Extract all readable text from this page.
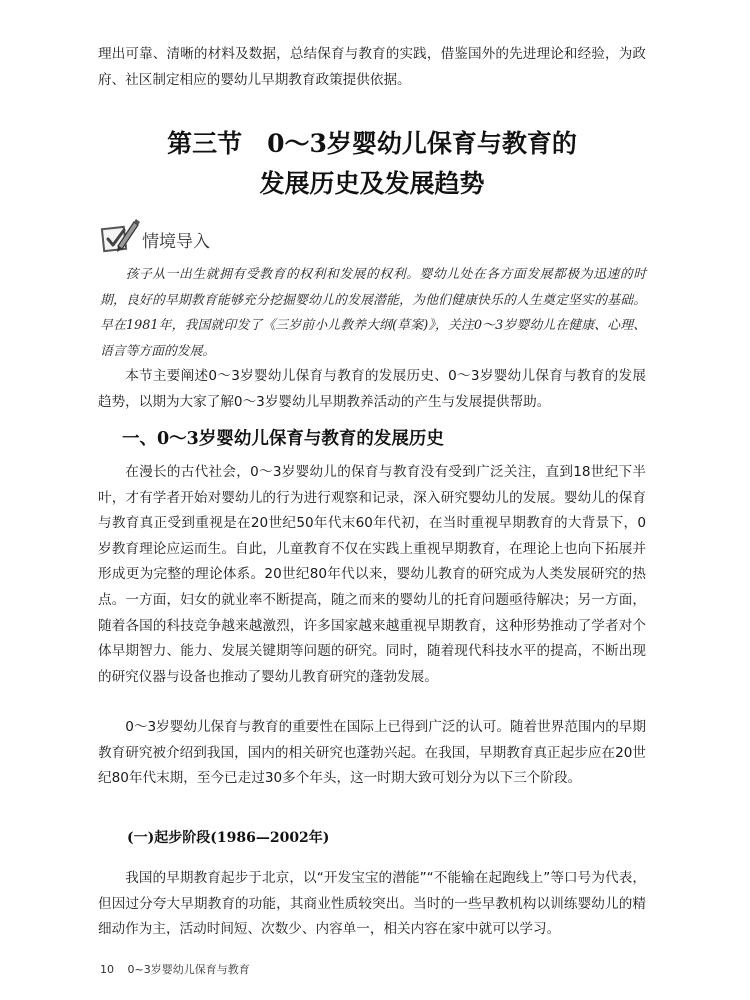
理出可靠、清晰的材料及数据，总结保育与教育的实践，借鉴国外的先进理论和经验，为政府、社区制定相应的婴幼儿早期教育政策提供依据。

第三节　0～3岁婴幼儿保育与教育的
发展历史及发展趋势
情境导入

孩子从一出生就拥有受教育的权利和发展的权利。婴幼儿处在各方面发展都极为迅速的时期，良好的早期教育能够充分挖掘婴幼儿的发展潜能，为他们健康快乐的人生奠定坚实的基础。早在1981年，我国就印发了《三岁前小儿教养大纲(草案)》，关注0～3岁婴幼儿在健康、心理、语言等方面的发展。

本节主要阐述0～3岁婴幼儿保育与教育的发展历史、0～3岁婴幼儿保育与教育的发展趋势，以期为大家了解0～3岁婴幼儿早期教养活动的产生与发展提供帮助。

一、0～3岁婴幼儿保育与教育的发展历史

在漫长的古代社会，0～3岁婴幼儿的保育与教育没有受到广泛关注，直到18世纪下半叶，才有学者开始对婴幼儿的行为进行观察和记录，深入研究婴幼儿的发展。婴幼儿的保育与教育真正受到重视是在20世纪50年代末60年代初，在当时重视早期教育的大背景下，0岁教育理论应运而生。自此，儿童教育不仅在实践上重视早期教育，在理论上也向下拓展并形成更为完整的理论体系。20世纪80年代以来，婴幼儿教育的研究成为人类发展研究的热点。一方面，妇女的就业率不断提高，随之而来的婴幼儿的托育问题亟待解决；另一方面，随着各国的科技竞争越来越激烈，许多国家越来越重视早期教育，这种形势推动了学者对个体早期智力、能力、发展关键期等问题的研究。同时，随着现代科技水平的提高，不断出现的研究仪器与设备也推动了婴幼儿教育研究的蓬勃发展。

0～3岁婴幼儿保育与教育的重要性在国际上已得到广泛的认可。随着世界范围内的早期教育研究被介绍到我国，国内的相关研究也蓬勃兴起。在我国，早期教育真正起步应在20世纪80年代末期，至今已走过30多个年头，这一时期大致可划分为以下三个阶段。

(一)起步阶段(1986—2002年)

我国的早期教育起步于北京，以“开发宝宝的潜能”“不能输在起跑线上”等口号为代表，但因过分夸大早期教育的功能，其商业性质较突出。当时的一些早教机构以训练婴幼儿的精细动作为主，活动时间短、次数少、内容单一，相关内容在家中就可以学习。

10 0~3岁婴幼儿保育与教育
